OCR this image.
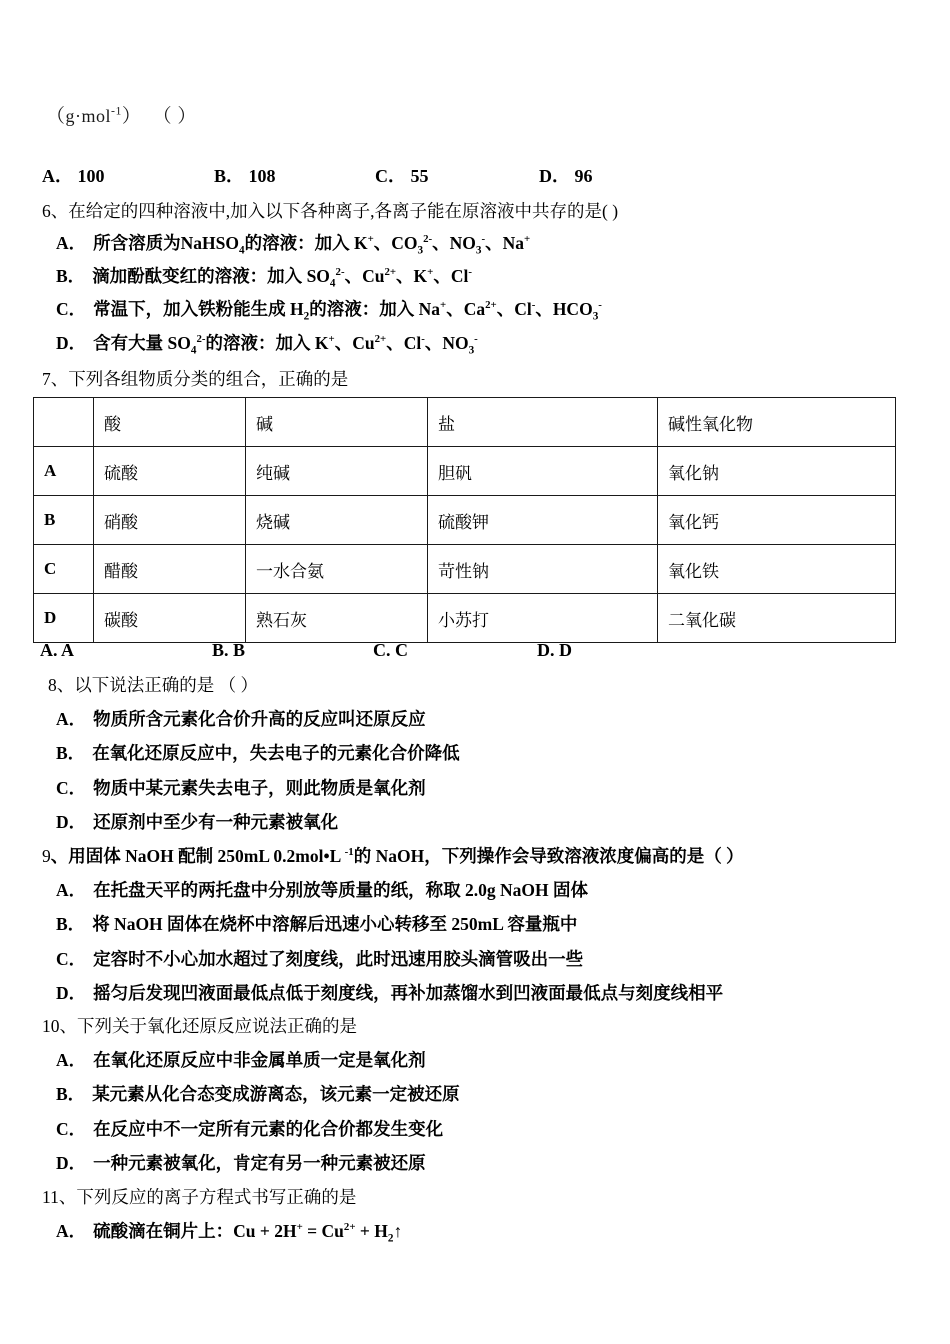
（g·mol$^{-1}$） （ ）
A． 100	B． 108	C． 55	D． 96
6、在给定的四种溶液中,加入以下各种离子,各离子能在原溶液中共存的是( )
A． 所含溶质为NaHSO$_4$的溶液：加入 K+、$CO_3^{2-}$、$NO_3^-$、Na+
B． 滴加酚酞变红的溶液：加入 $SO_4^{2-}$、$Cu^{2+}$、K+、Cl-
C． 常温下，加入铁粉能生成 $H_2$的溶液：加入 Na+、$Ca^{2+}$、Cl-、$HCO_3^-$
D． 含有大量 $SO_4^{2-}$的溶液：加入 K+、$Cu^{2+}$、Cl-、$NO_3^-$
7、下列各组物质分类的组合，正确的是
	酸	碱	盐	碱性氧化物
A	硫酸	纯碱	胆矾	氧化钠
B	硝酸	烧碱	硫酸钾	氧化钙
C	醋酸	一水合氨	苛性钠	氧化铁
D	碳酸	熟石灰	小苏打	二氧化碳
A. A	B. B	C. C	D. D
8、以下说法正确的是 （ ）
A． 物质所含元素化合价升高的反应叫还原反应
B． 在氧化还原反应中，失去电子的元素化合价降低
C． 物质中某元素失去电子，则此物质是氧化剂
D． 还原剂中至少有一种元素被氧化
9、用固体 NaOH 配制 250mL 0.2mol•L $^{-1}$的 NaOH，下列操作会导致溶液浓度偏高的是（ ）
A． 在托盘天平的两托盘中分别放等质量的纸，称取 2.0g NaOH 固体
B． 将 NaOH 固体在烧杯中溶解后迅速小心转移至 250mL 容量瓶中
C． 定容时不小心加水超过了刻度线，此时迅速用胶头滴管吸出一些
D． 摇匀后发现凹液面最低点低于刻度线，再补加蒸馏水到凹液面最低点与刻度线相平
10、下列关于氧化还原反应说法正确的是
A． 在氧化还原反应中非金属单质一定是氧化剂
B． 某元素从化合态变成游离态，该元素一定被还原
C． 在反应中不一定所有元素的化合价都发生变化
D． 一种元素被氧化，肯定有另一种元素被还原
11、下列反应的离子方程式书写正确的是
A． 硫酸滴在铜片上：$Cu + 2H^+ = Cu^{2+}$ + $H_2↑$
